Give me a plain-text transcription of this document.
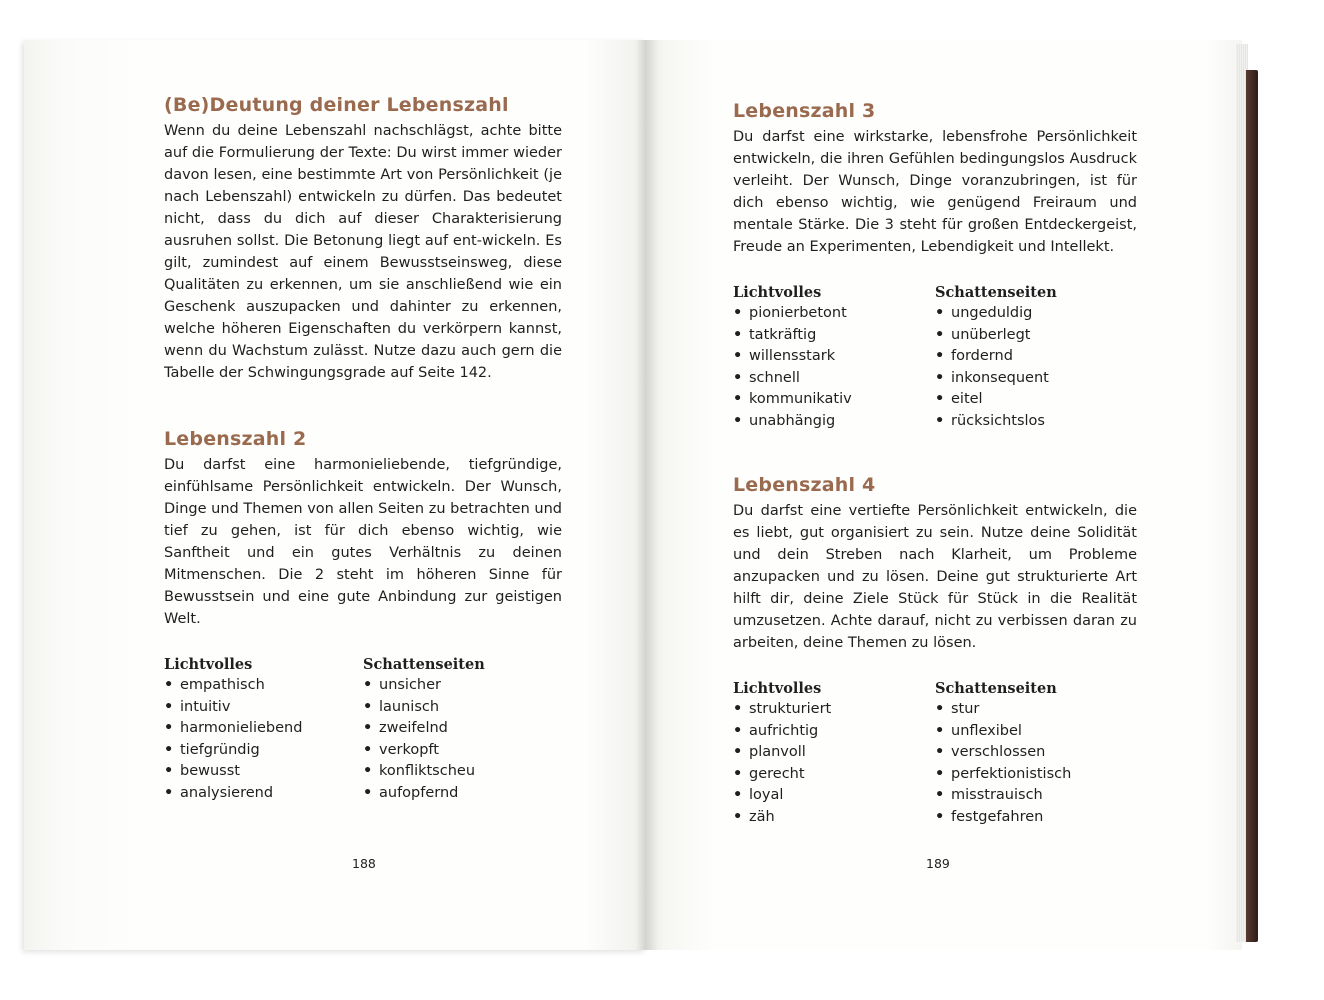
(Be)Deutung deiner Lebenszahl

Wenn du deine Lebenszahl nachschlägst, achte bitte auf die Formulierung der Texte: Du wirst immer wieder davon lesen, eine bestimmte Art von Persönlichkeit (je nach Lebenszahl) entwickeln zu dürfen. Das bedeutet nicht, dass du dich auf dieser Charakterisierung ausruhen sollst. Die Betonung liegt auf ent-wickeln. Es gilt, zumindest auf einem Bewusstseinsweg, diese Qualitäten zu erkennen, um sie anschließend wie ein Geschenk auszupacken und dahinter zu erkennen, welche höheren Eigenschaften du verkörpern kannst, wenn du Wachstum zulässt. Nutze dazu auch gern die Tabelle der Schwingungsgrade auf Seite 142.

Lebenszahl 2

Du darfst eine harmonieliebende, tiefgründige, einfühlsame Persönlichkeit entwickeln. Der Wunsch, Dinge und Themen von allen Seiten zu betrachten und tief zu gehen, ist für dich ebenso wichtig, wie Sanftheit und ein gutes Verhältnis zu deinen Mitmenschen. Die 2 steht im höheren Sinne für Bewusstsein und eine gute Anbindung zur geistigen Welt.

Lichtvolles
• empathisch
• intuitiv
• harmonieliebend
• tiefgründig
• bewusst
• analysierend
Schattenseiten
• unsicher
• launisch
• zweifelnd
• verkopft
• konfliktscheu
• aufopfernd
188
Lebenszahl 3

Du darfst eine wirkstarke, lebensfrohe Persönlichkeit entwickeln, die ihren Gefühlen bedingungslos Ausdruck verleiht. Der Wunsch, Dinge voranzubringen, ist für dich ebenso wichtig, wie genügend Freiraum und mentale Stärke. Die 3 steht für großen Entdeckergeist, Freude an Experimenten, Lebendigkeit und Intellekt.

Lichtvolles
• pionierbetont
• tatkräftig
• willensstark
• schnell
• kommunikativ
• unabhängig
Schattenseiten
• ungeduldig
• unüberlegt
• fordernd
• inkonsequent
• eitel
• rücksichtslos
Lebenszahl 4

Du darfst eine vertiefte Persönlichkeit entwickeln, die es liebt, gut organisiert zu sein. Nutze deine Solidität und dein Streben nach Klarheit, um Probleme anzupacken und zu lösen. Deine gut strukturierte Art hilft dir, deine Ziele Stück für Stück in die Realität umzusetzen. Achte darauf, nicht zu verbissen daran zu arbeiten, deine Themen zu lösen.

Lichtvolles
• strukturiert
• aufrichtig
• planvoll
• gerecht
• loyal
• zäh
Schattenseiten
• stur
• unflexibel
• verschlossen
• perfektionistisch
• misstrauisch
• festgefahren
189
